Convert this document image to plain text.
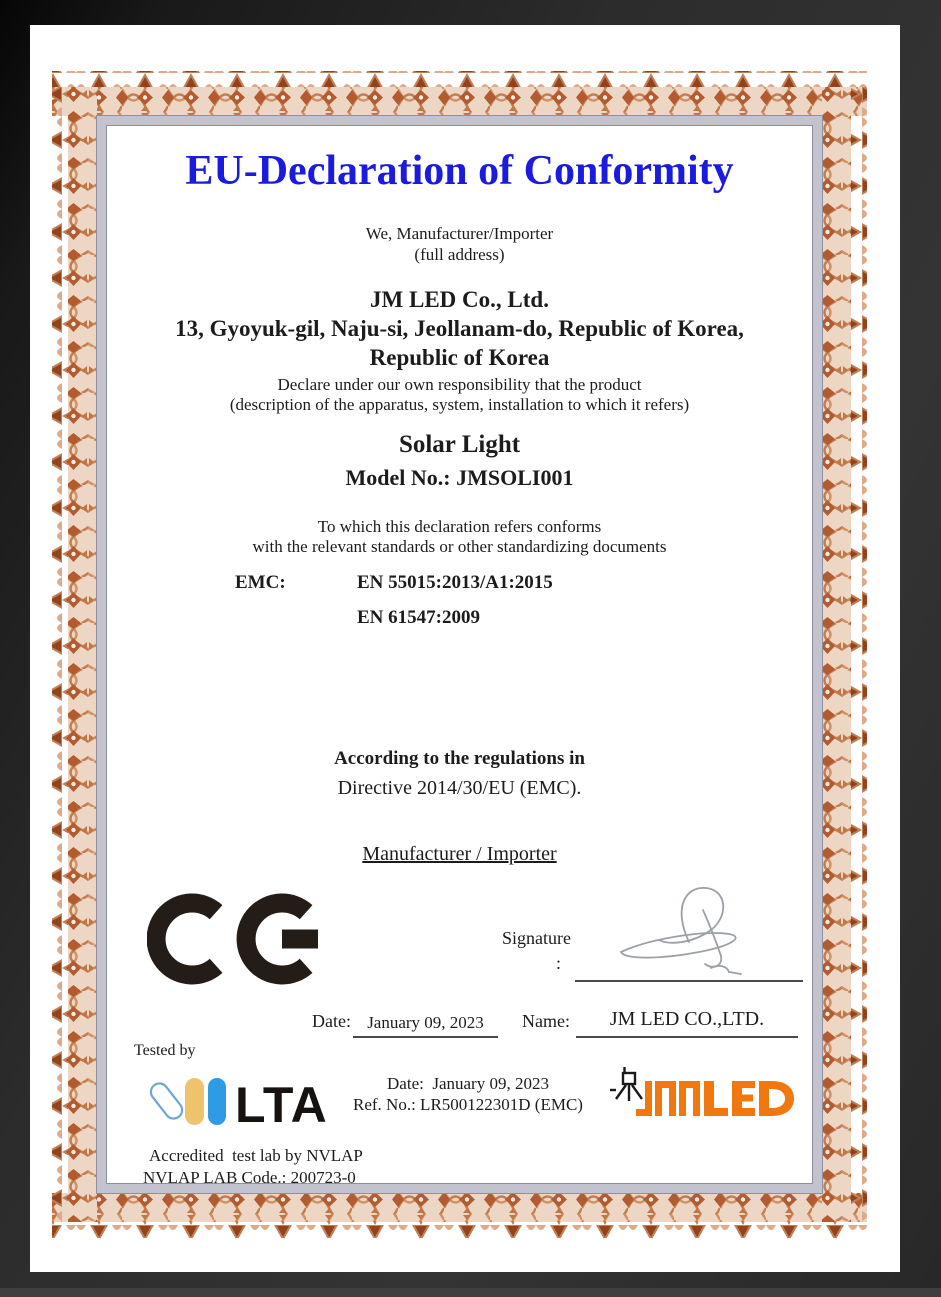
EU-Declaration of Conformity
We, Manufacturer/Importer
(full address)
JM LED Co., Ltd.
13, Gyoyuk-gil, Naju-si, Jeollanam-do, Republic of Korea,
Republic of Korea
Declare under our own responsibility that the product
(description of the apparatus, system, installation to which it refers)
Solar Light
Model No.: JMSOLI001
To which this declaration refers conforms
with the relevant standards or other standardizing documents
EMC:	EN 55015:2013/A1:2015
EN 61547:2009
According to the regulations in
Directive 2014/30/EU (EMC).
Manufacturer / Importer
Signature
:
Date: January 09, 2023	Name:	JM LED CO.,LTD.
Tested by
LTA	Date:  January 09, 2023
Ref. No.: LR500122301D (EMC)
Accredited  test lab by NVLAP
NVLAP LAB Code.: 200723-0
